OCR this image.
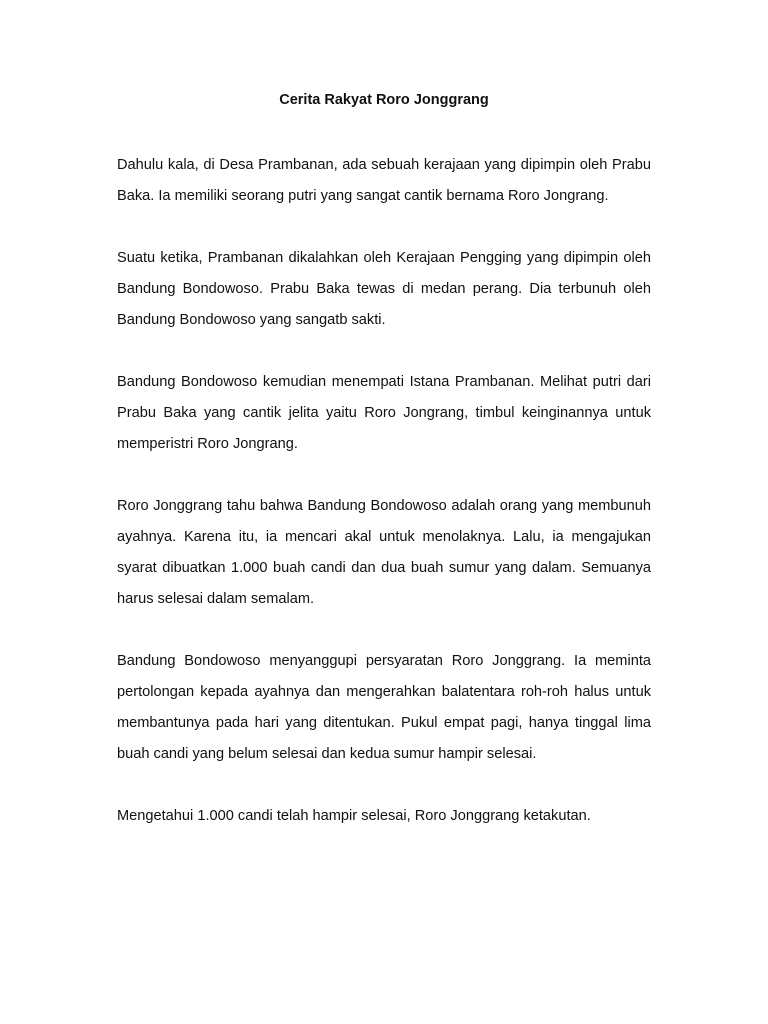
Cerita Rakyat Roro Jonggrang

Dahulu kala, di Desa Prambanan, ada sebuah kerajaan yang dipimpin oleh Prabu Baka. Ia memiliki seorang putri yang sangat cantik bernama Roro Jongrang.

Suatu ketika, Prambanan dikalahkan oleh Kerajaan Pengging yang dipimpin oleh Bandung Bondowoso. Prabu Baka tewas di medan perang. Dia terbunuh oleh Bandung Bondowoso yang sangatb sakti.

Bandung Bondowoso kemudian menempati Istana Prambanan. Melihat putri dari Prabu Baka yang cantik jelita yaitu Roro Jongrang, timbul keinginannya untuk memperistri Roro Jongrang.

Roro Jonggrang tahu bahwa Bandung Bondowoso adalah orang yang membunuh ayahnya. Karena itu, ia mencari akal untuk menolaknya. Lalu, ia mengajukan syarat dibuatkan 1.000 buah candi dan dua buah sumur yang dalam. Semuanya harus selesai dalam semalam.

Bandung Bondowoso menyanggupi persyaratan Roro Jonggrang. Ia meminta pertolongan kepada ayahnya dan mengerahkan balatentara roh-roh halus untuk membantunya pada hari yang ditentukan. Pukul empat pagi, hanya tinggal lima buah candi yang belum selesai dan kedua sumur hampir selesai.

Mengetahui 1.000 candi telah hampir selesai, Roro Jonggrang ketakutan.
